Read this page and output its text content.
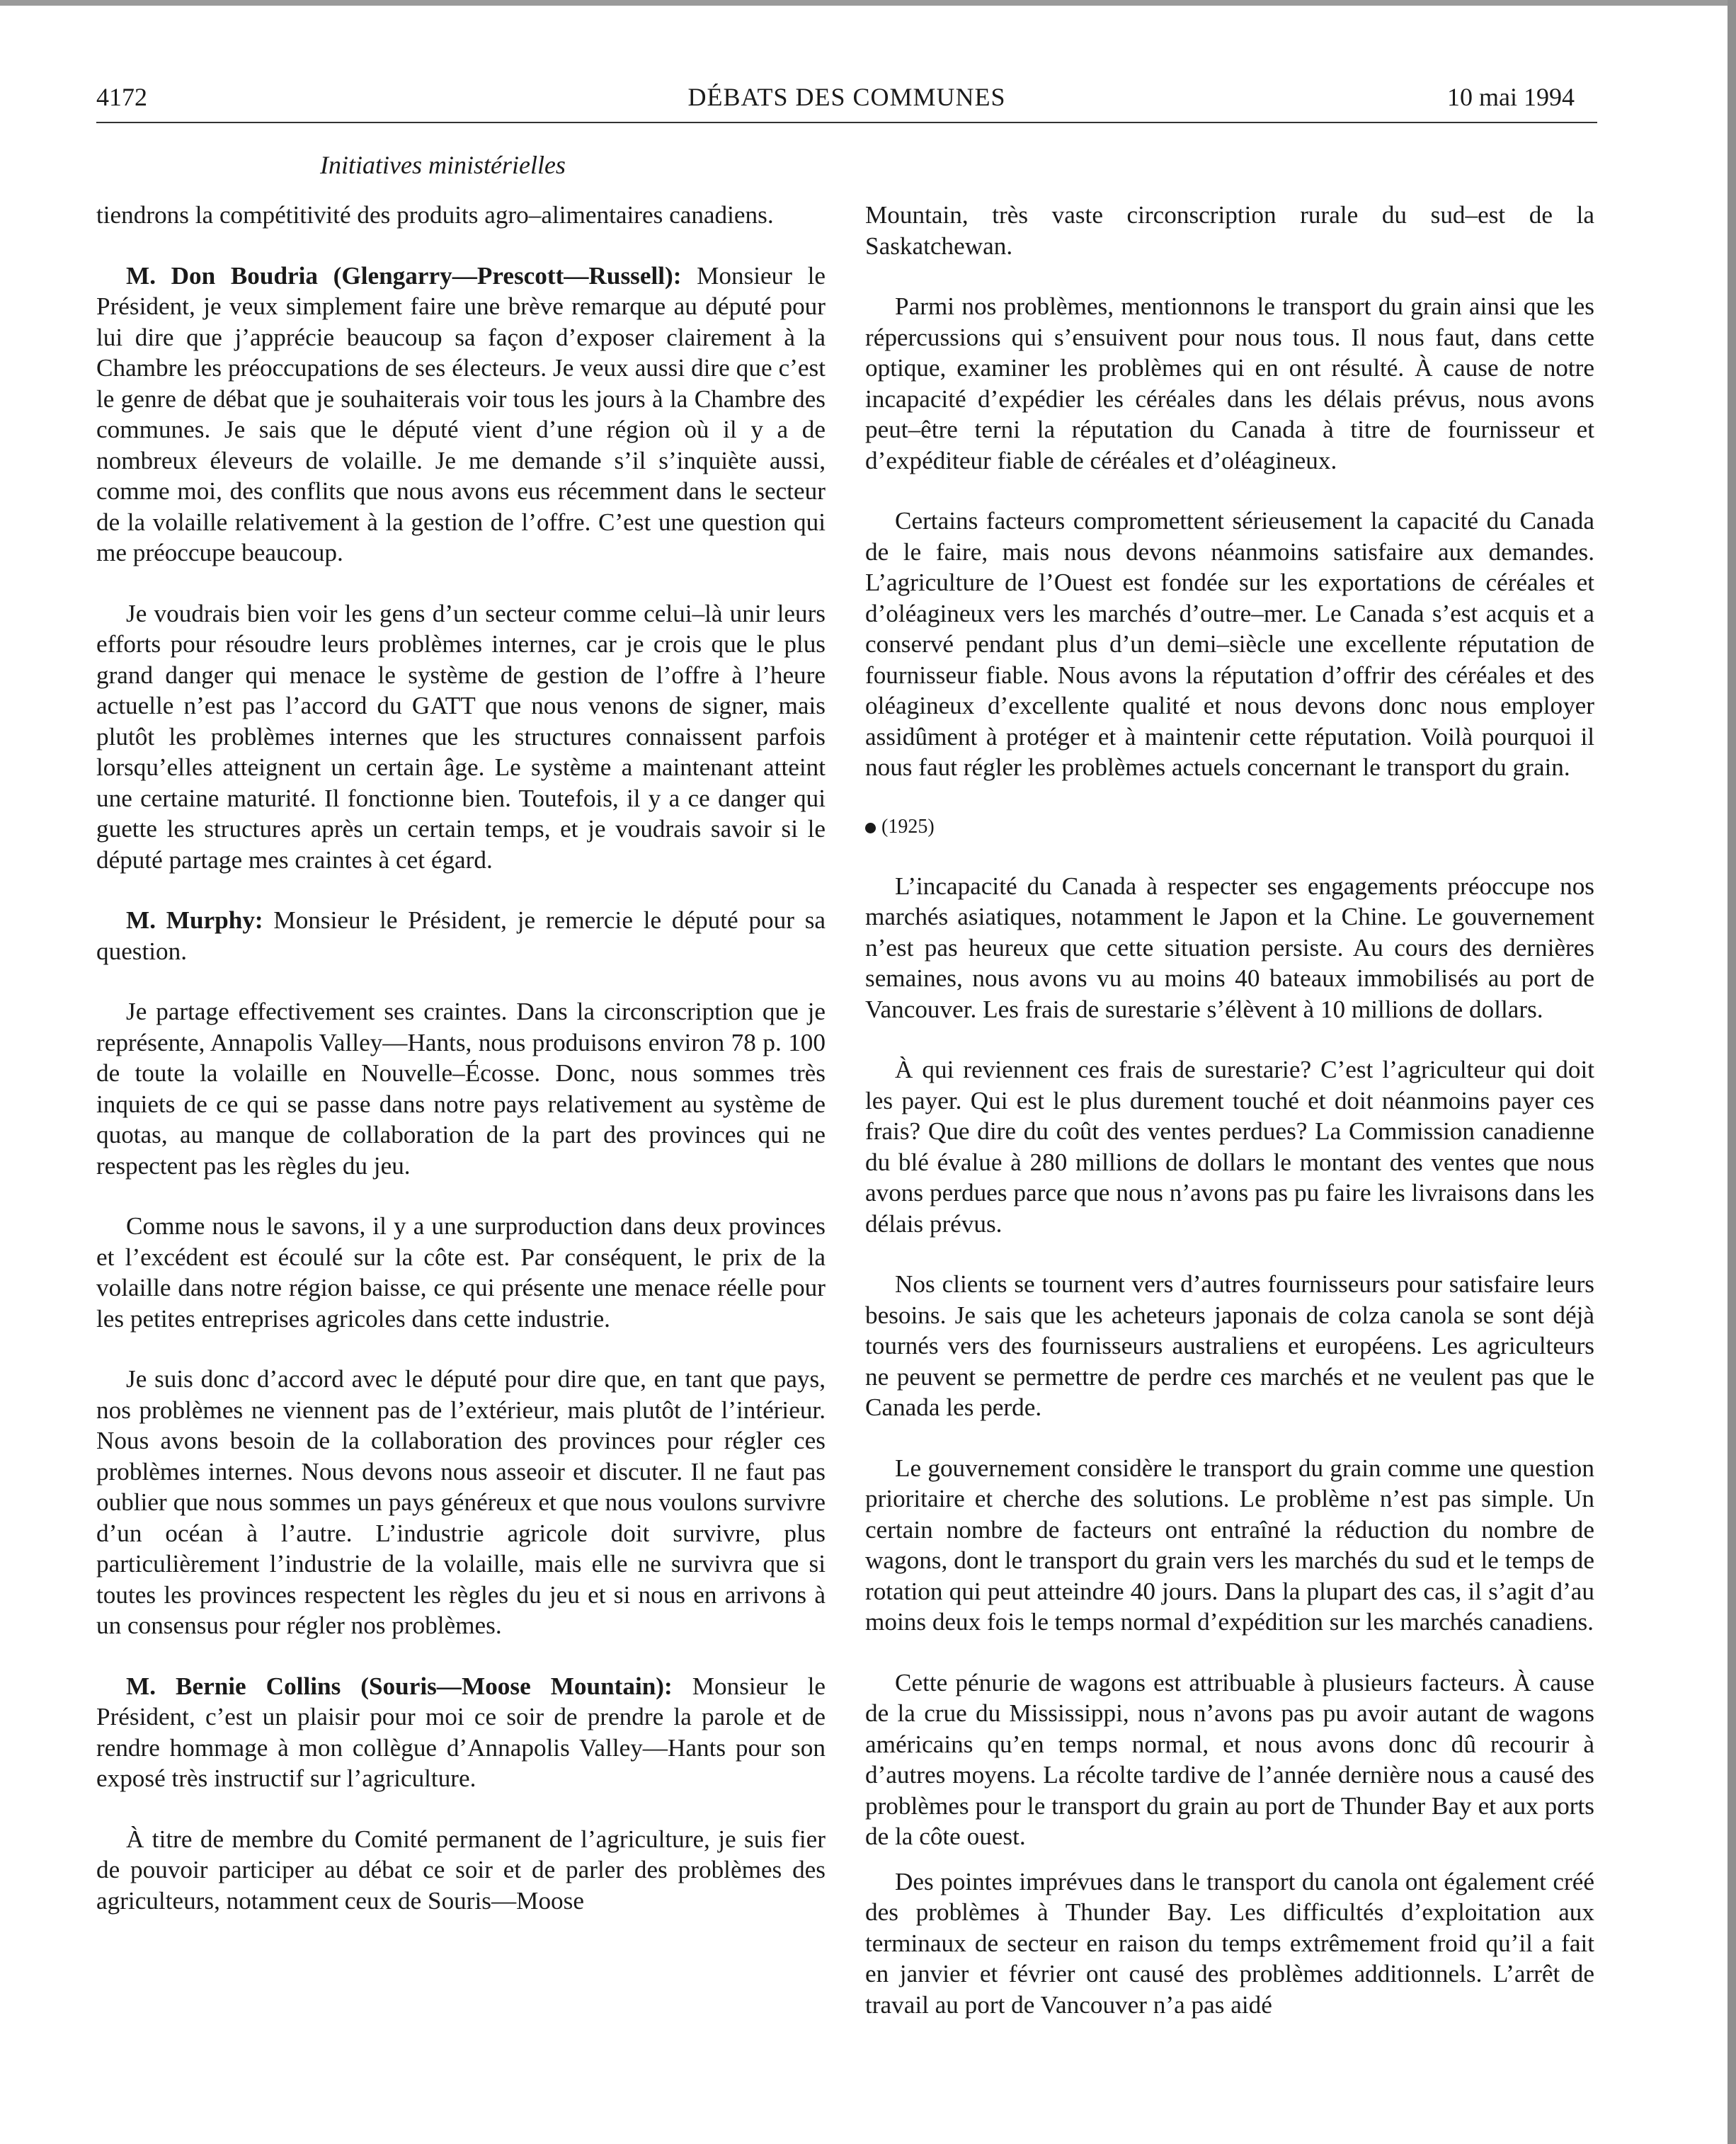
4172	DÉBATS DES COMMUNES	10 mai 1994
Initiatives ministérielles

tiendrons la compétitivité des produits agro–alimentaires canadiens.

M. Don Boudria (Glengarry—Prescott—Russell): Monsieur le Président, je veux simplement faire une brève remarque au député pour lui dire que j’apprécie beaucoup sa façon d’exposer clairement à la Chambre les préoccupations de ses électeurs. Je veux aussi dire que c’est le genre de débat que je souhaiterais voir tous les jours à la Chambre des communes. Je sais que le député vient d’une région où il y a de nombreux éleveurs de volaille. Je me demande s’il s’inquiète aussi, comme moi, des conflits que nous avons eus récemment dans le secteur de la volaille relativement à la gestion de l’offre. C’est une question qui me préoccupe beaucoup.

Je voudrais bien voir les gens d’un secteur comme celui–là unir leurs efforts pour résoudre leurs problèmes internes, car je crois que le plus grand danger qui menace le système de gestion de l’offre à l’heure actuelle n’est pas l’accord du GATT que nous venons de signer, mais plutôt les problèmes internes que les structures connaissent parfois lorsqu’elles atteignent un certain âge. Le système a maintenant atteint une certaine maturité. Il fonctionne bien. Toutefois, il y a ce danger qui guette les structures après un certain temps, et je voudrais savoir si le député partage mes craintes à cet égard.

M. Murphy: Monsieur le Président, je remercie le député pour sa question.

Je partage effectivement ses craintes. Dans la circonscription que je représente, Annapolis Valley—Hants, nous produisons environ 78 p. 100 de toute la volaille en Nouvelle–Écosse. Donc, nous sommes très inquiets de ce qui se passe dans notre pays relativement au système de quotas, au manque de collaboration de la part des provinces qui ne respectent pas les règles du jeu.

Comme nous le savons, il y a une surproduction dans deux provinces et l’excédent est écoulé sur la côte est. Par conséquent, le prix de la volaille dans notre région baisse, ce qui présente une menace réelle pour les petites entreprises agricoles dans cette industrie.

Je suis donc d’accord avec le député pour dire que, en tant que pays, nos problèmes ne viennent pas de l’extérieur, mais plutôt de l’intérieur. Nous avons besoin de la collaboration des provinces pour régler ces problèmes internes. Nous devons nous asseoir et discuter. Il ne faut pas oublier que nous sommes un pays généreux et que nous voulons survivre d’un océan à l’autre. L’industrie agricole doit survivre, plus particulièrement l’industrie de la volaille, mais elle ne survivra que si toutes les provinces respectent les règles du jeu et si nous en arrivons à un consensus pour régler nos problèmes.

M. Bernie Collins (Souris—Moose Mountain): Monsieur le Président, c’est un plaisir pour moi ce soir de prendre la parole et de rendre hommage à mon collègue d’Annapolis Valley—Hants pour son exposé très instructif sur l’agriculture.

À titre de membre du Comité permanent de l’agriculture, je suis fier de pouvoir participer au débat ce soir et de parler des problèmes des agriculteurs, notamment ceux de Souris—Moose

Mountain, très vaste circonscription rurale du sud–est de la Saskatchewan.

Parmi nos problèmes, mentionnons le transport du grain ainsi que les répercussions qui s’ensuivent pour nous tous. Il nous faut, dans cette optique, examiner les problèmes qui en ont résulté. À cause de notre incapacité d’expédier les céréales dans les délais prévus, nous avons peut–être terni la réputation du Canada à titre de fournisseur et d’expéditeur fiable de céréales et d’oléagineux.

Certains facteurs compromettent sérieusement la capacité du Canada de le faire, mais nous devons néanmoins satisfaire aux demandes. L’agriculture de l’Ouest est fondée sur les exportations de céréales et d’oléagineux vers les marchés d’outre–mer. Le Canada s’est acquis et a conservé pendant plus d’un demi–siècle une excellente réputation de fournisseur fiable. Nous avons la réputation d’offrir des céréales et des oléagineux d’excellente qualité et nous devons donc nous employer assidûment à protéger et à maintenir cette réputation. Voilà pourquoi il nous faut régler les problèmes actuels concernant le transport du grain.

(1925)

L’incapacité du Canada à respecter ses engagements préoccupe nos marchés asiatiques, notamment le Japon et la Chine. Le gouvernement n’est pas heureux que cette situation persiste. Au cours des dernières semaines, nous avons vu au moins 40 bateaux immobilisés au port de Vancouver. Les frais de surestarie s’élèvent à 10 millions de dollars.

À qui reviennent ces frais de surestarie? C’est l’agriculteur qui doit les payer. Qui est le plus durement touché et doit néanmoins payer ces frais? Que dire du coût des ventes perdues? La Commission canadienne du blé évalue à 280 millions de dollars le montant des ventes que nous avons perdues parce que nous n’avons pas pu faire les livraisons dans les délais prévus.

Nos clients se tournent vers d’autres fournisseurs pour satisfaire leurs besoins. Je sais que les acheteurs japonais de colza canola se sont déjà tournés vers des fournisseurs australiens et européens. Les agriculteurs ne peuvent se permettre de perdre ces marchés et ne veulent pas que le Canada les perde.

Le gouvernement considère le transport du grain comme une question prioritaire et cherche des solutions. Le problème n’est pas simple. Un certain nombre de facteurs ont entraîné la réduction du nombre de wagons, dont le transport du grain vers les marchés du sud et le temps de rotation qui peut atteindre 40 jours. Dans la plupart des cas, il s’agit d’au moins deux fois le temps normal d’expédition sur les marchés canadiens.

Cette pénurie de wagons est attribuable à plusieurs facteurs. À cause de la crue du Mississippi, nous n’avons pas pu avoir autant de wagons américains qu’en temps normal, et nous avons donc dû recourir à d’autres moyens. La récolte tardive de l’année dernière nous a causé des problèmes pour le transport du grain au port de Thunder Bay et aux ports de la côte ouest.

Des pointes imprévues dans le transport du canola ont également créé des problèmes à Thunder Bay. Les difficultés d’exploitation aux terminaux de secteur en raison du temps extrêmement froid qu’il a fait en janvier et février ont causé des problèmes additionnels. L’arrêt de travail au port de Vancouver n’a pas aidé
